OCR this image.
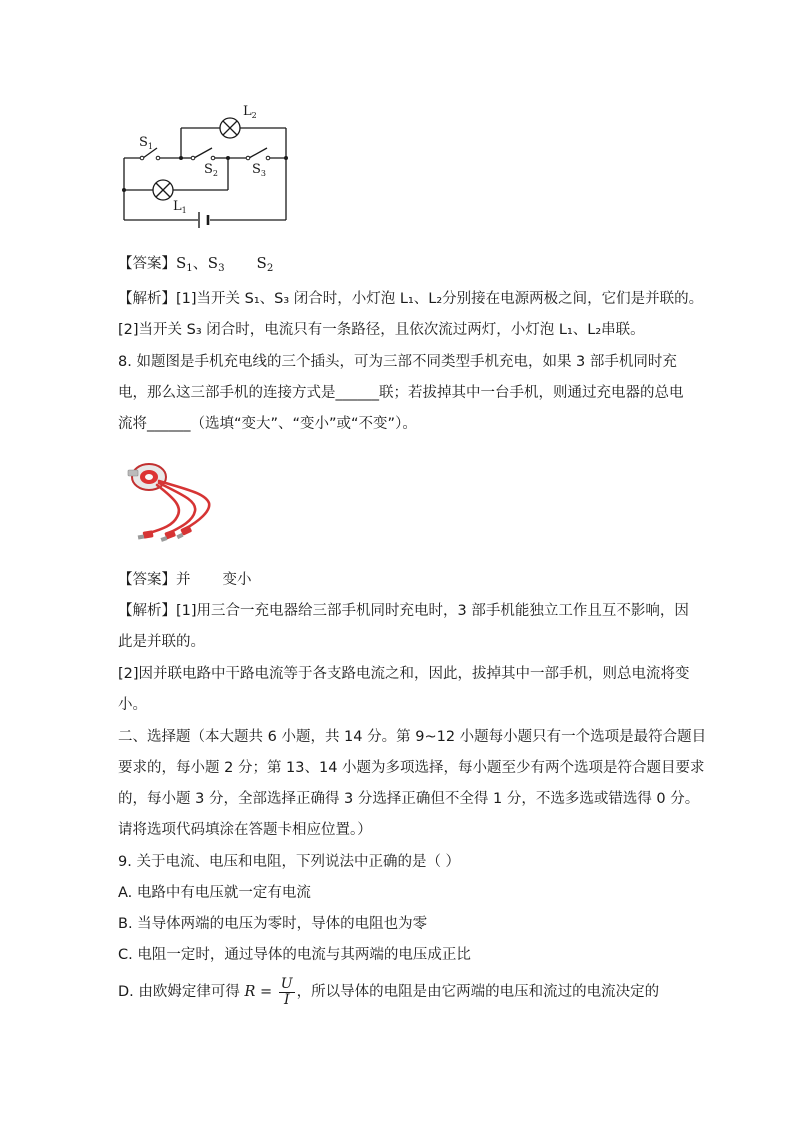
$S_1$
$S_2$	$S_3$
$L_2$
$L_1$
【答案】$S_1$、$S_3$ $S_2$
【解析】[1]当开关 S₁、S₃ 闭合时，小灯泡 L₁、L₂分别接在电源两极之间，它们是并联的。
[2]当开关 S₃ 闭合时，电流只有一条路径，且依次流过两灯，小灯泡 L₁、L₂串联。
8. 如题图是手机充电线的三个插头，可为三部不同类型手机充电，如果 3 部手机同时充
电，那么这三部手机的连接方式是______联；若拔掉其中一台手机，则通过充电器的总电
流将______（选填“变大”、“变小”或“不变”）。
【答案】并 变小
【解析】[1]用三合一充电器给三部手机同时充电时，3 部手机能独立工作且互不影响，因
此是并联的。
[2]因并联电路中干路电流等于各支路电流之和，因此，拔掉其中一部手机，则总电流将变
小。
二、选择题（本大题共 6 小题，共 14 分。第 9~12 小题每小题只有一个选项是最符合题目
要求的，每小题 2 分；第 13、14 小题为多项选择，每小题至少有两个选项是符合题目要求
的，每小题 3 分，全部选择正确得 3 分选择正确但不全得 1 分，不选多选或错选得 0 分。
请将选项代码填涂在答题卡相应位置。）
9. 关于电流、电压和电阻，下列说法中正确的是（ ）
A. 电路中有电压就一定有电流
B. 当导体两端的电压为零时，导体的电阻也为零
C. 电阻一定时，通过导体的电流与其两端的电压成正比
D. 由欧姆定律可得 $R = \frac{U}{I}$ ，所以导体的电阻是由它两端的电压和流过的电流决定的
